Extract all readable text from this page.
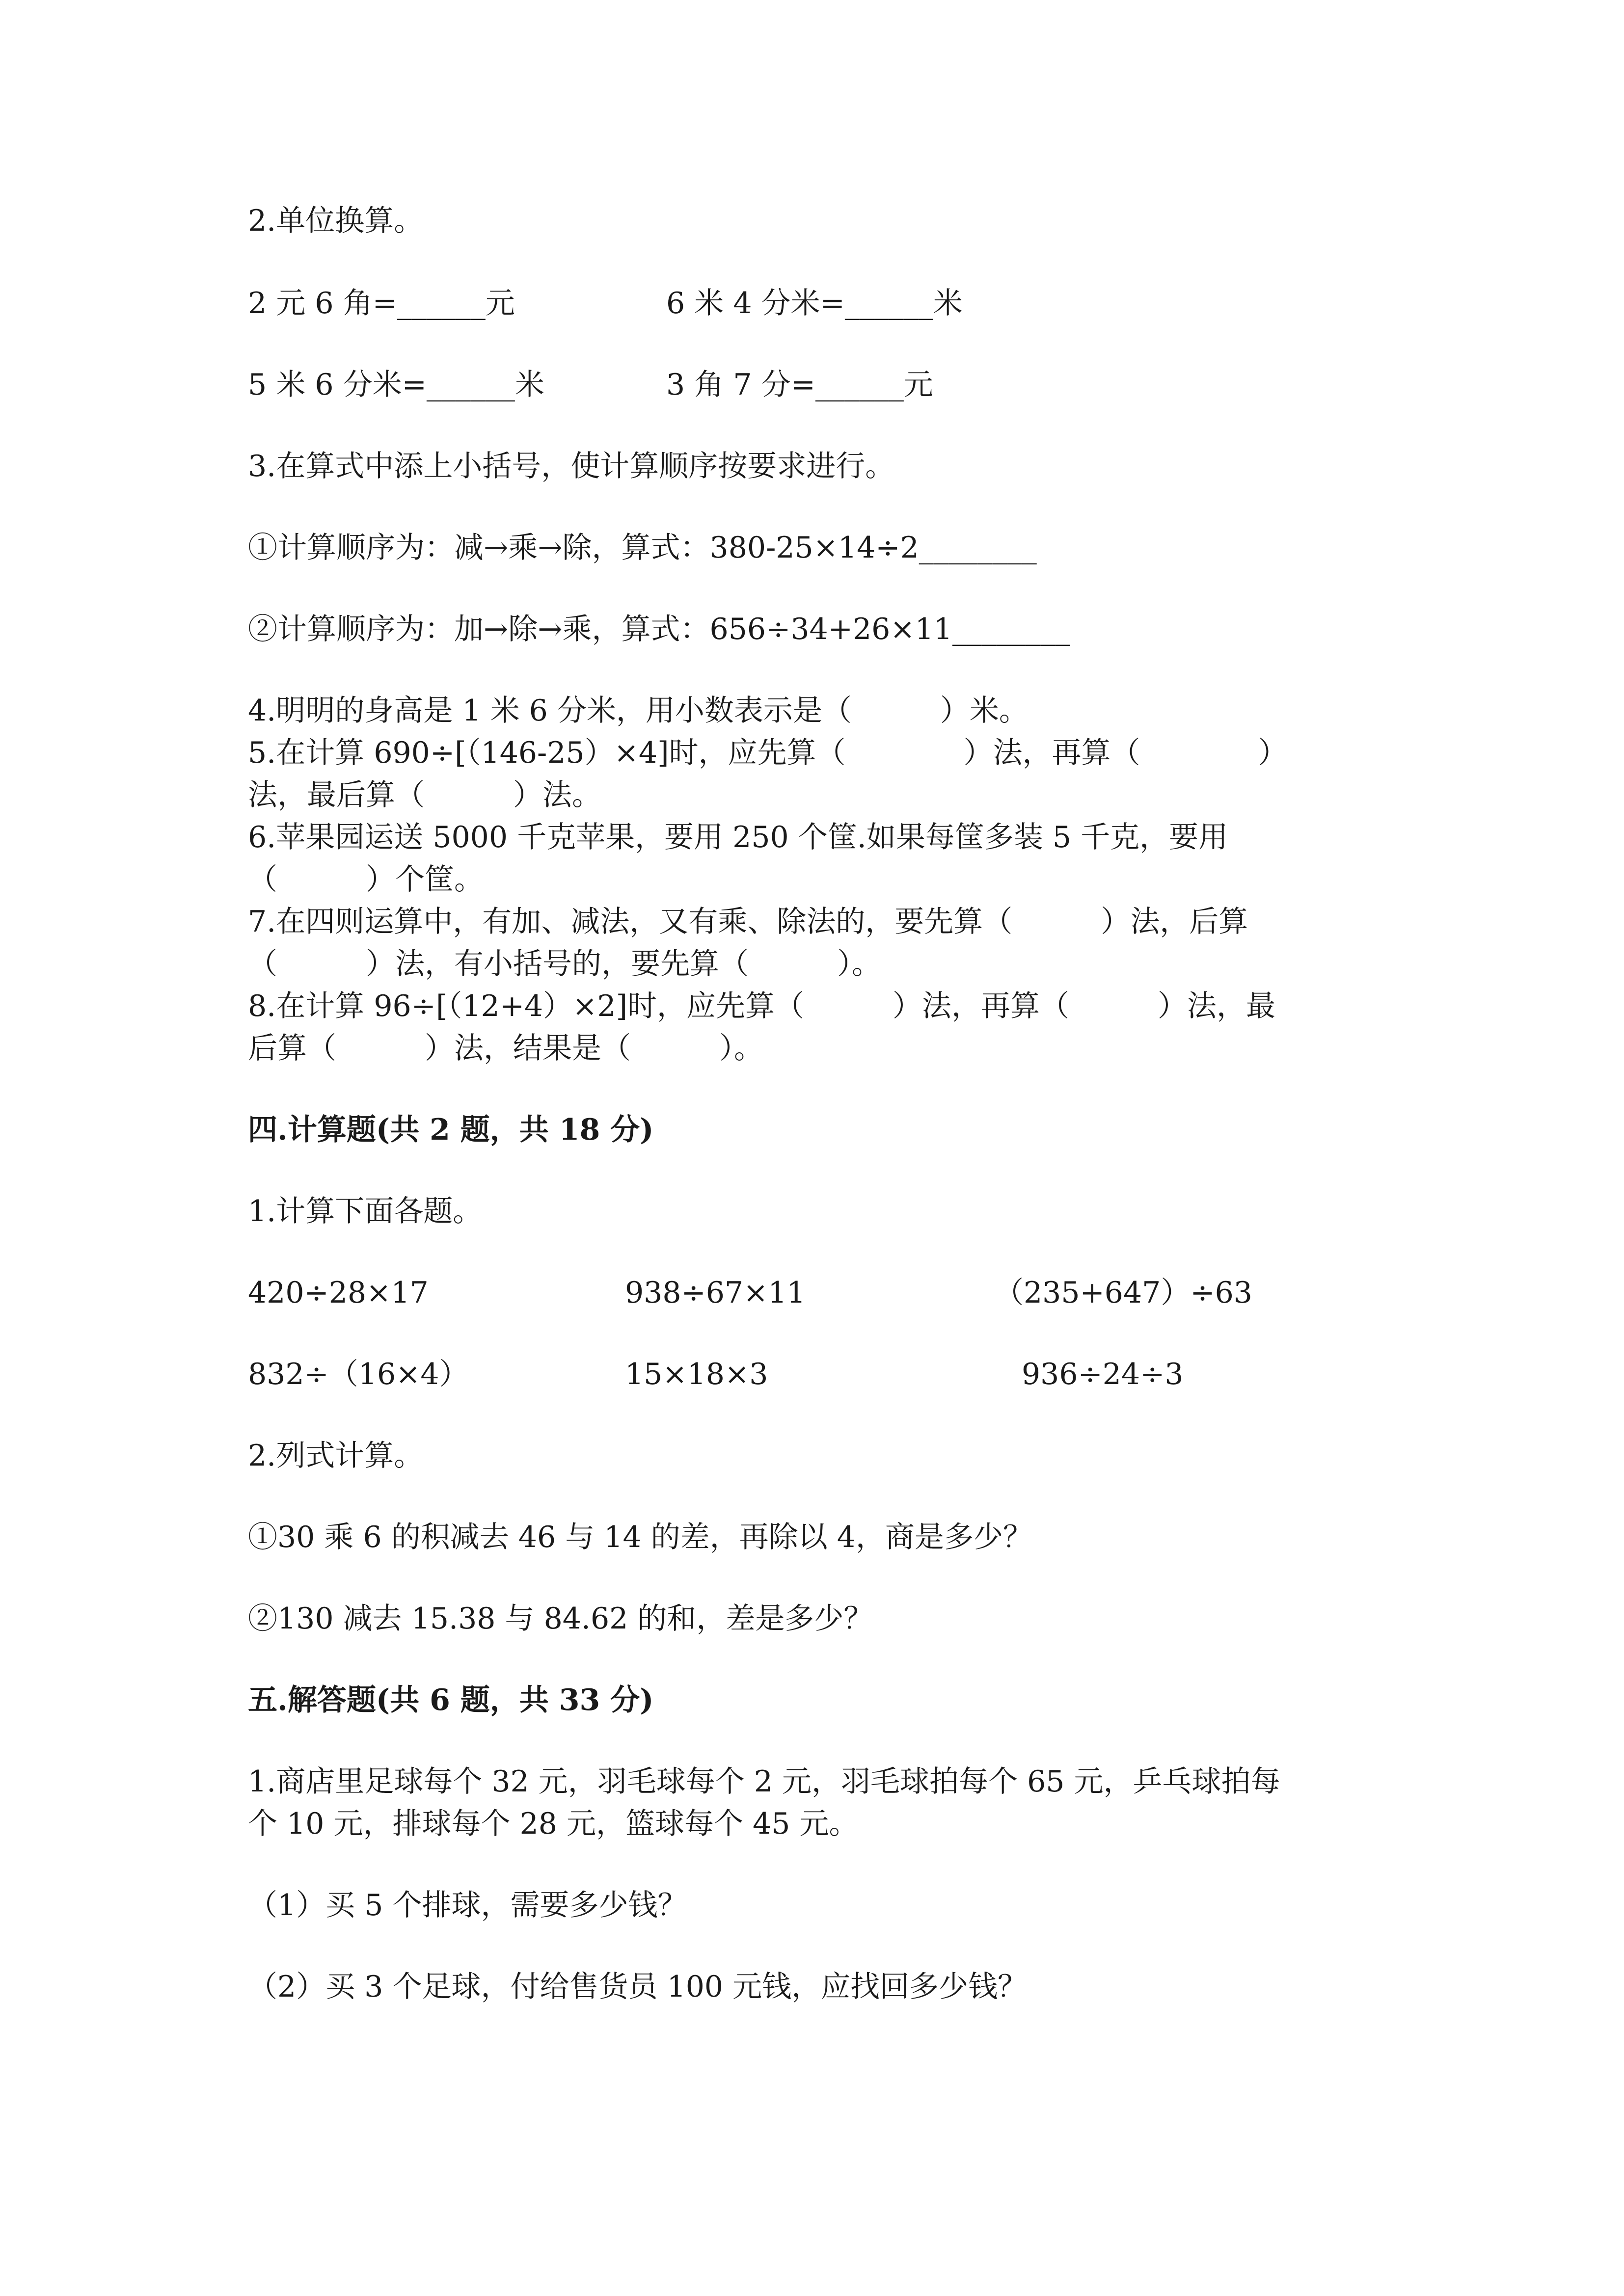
2.单位换算。
2 元 6 角=______元	6 米 4 分米=______米
5 米 6 分米=______米	3 角 7 分=______元
3.在算式中添上小括号，使计算顺序按要求进行。
①计算顺序为：减→乘→除，算式：380-25×14÷2________
②计算顺序为：加→除→乘，算式：656÷34+26×11________
4.明明的身高是 1 米 6 分米，用小数表示是（　　　）米。
5.在计算 690÷[（146-25）×4]时，应先算（　　　　）法，再算（　　　　）
法，最后算（　　　）法。
6.苹果园运送 5000 千克苹果，要用 250 个筐.如果每筐多装 5 千克，要用
（　　　）个筐。
7.在四则运算中，有加、减法，又有乘、除法的，要先算（　　　）法，后算
（　　　）法，有小括号的，要先算（　　　）。
8.在计算 96÷[（12+4）×2]时，应先算（　　　）法，再算（　　　）法，最
后算（　　　）法，结果是（　　　）。
四.计算题(共 2 题，共 18 分)
1.计算下面各题。
420÷28×17	938÷67×11	（235+647）÷63
832÷（16×4）	15×18×3	936÷24÷3
2.列式计算。
①30 乘 6 的积减去 46 与 14 的差，再除以 4，商是多少？
②130 减去 15.38 与 84.62 的和，差是多少？
五.解答题(共 6 题，共 33 分)
1.商店里足球每个 32 元，羽毛球每个 2 元，羽毛球拍每个 65 元，乒乓球拍每
个 10 元，排球每个 28 元，篮球每个 45 元。
（1）买 5 个排球，需要多少钱？
（2）买 3 个足球，付给售货员 100 元钱，应找回多少钱？
